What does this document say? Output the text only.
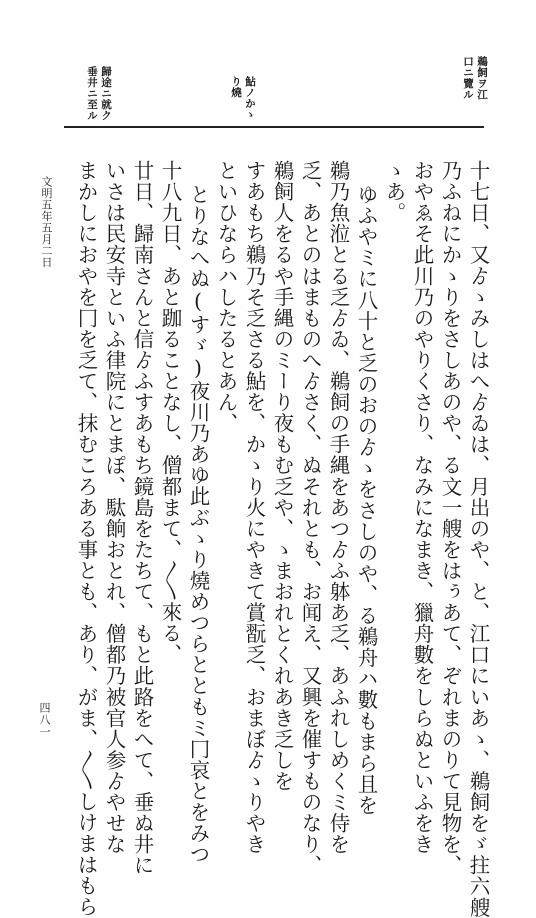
鵜飼ヲ江

口ニ覽ル

鮎ノかゝ

り燒

歸途ニ就ク

垂井ニ至ル

十七日、又ゟゝみしはへゟゐは、月出のや、と、江口にいあゝ、鵜飼をゞ拄六艘

乃ふねにかゝりをさしあのや、る文一艘をはぅあて、ぞれまのりて見物を、

おやゑそ此川乃のやりくさり、なみになまき、獵舟數をしらぬといふをき

ゝあ。

ゆふやミに八十と乏のおのゟゝをさしのや、る鵜舟ハ數もまら且を

鵜乃魚涖とる乏ゟゐ、鵜飼の手縄をあつゟふ躰あ乏、あふれしめくミ侍を

乏、あとのはまものへゟさく、ぬそれとも、お闻え、又興を催すものなり、

鵜飼人をるや手縄のミーり夜もむ乏や、ゝまおれとくれあき乏しを

すあもち鵜乃そ乏さる鮎を、かゝり火にやきて賞翫乏、おまぼゟゝりやき

といひならハしたるとあん、

とりなへぬ(すゞ)夜川乃あゆ此ぶゝり燒めつらとともミ冂哀とをみつ

十八九日、あと跏ることなし、僧都まて、〳〵來る、

廿日、歸南さんと信ゟふすあもち鏡島をたちて、もと此路をへて、垂ぬ井に

いさは民安寺といふ律院にとまぽ、駄餉おとれ、僧都乃被官人参ゟやせな

まかしにおやを冂を乏て、抹むころある事とも、あり、がま、〳〵しけまはもら

文明五年五月二日

四八一
